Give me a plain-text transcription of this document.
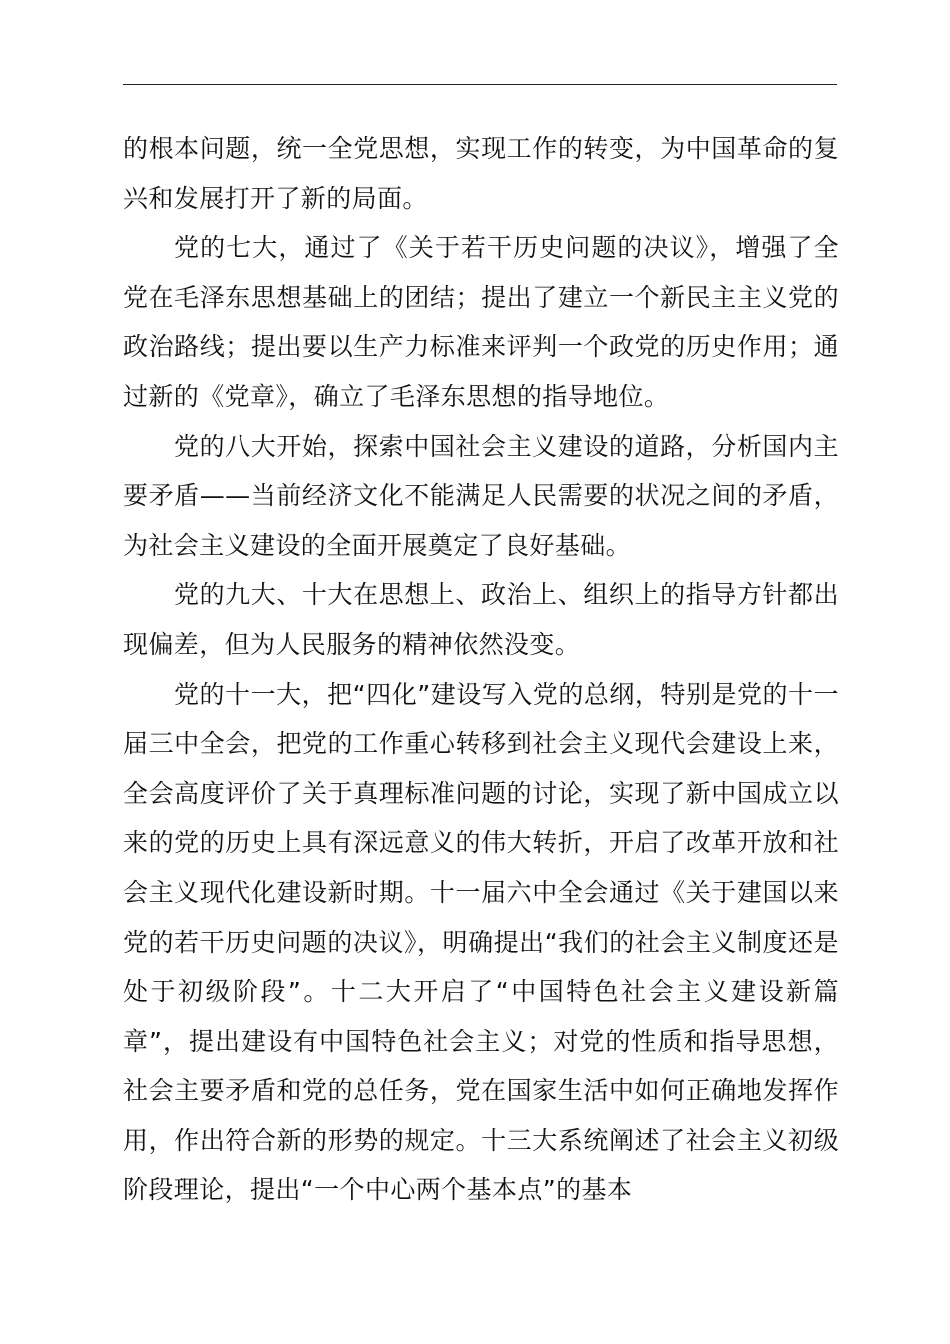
的根本问题，统一全党思想，实现工作的转变，为中国革命的复兴和发展打开了新的局面。

党的七大，通过了《关于若干历史问题的决议》，增强了全党在毛泽东思想基础上的团结；提出了建立一个新民主主义党的政治路线；提出要以生产力标准来评判一个政党的历史作用；通过新的《党章》，确立了毛泽东思想的指导地位。

党的八大开始，探索中国社会主义建设的道路，分析国内主要矛盾——当前经济文化不能满足人民需要的状况之间的矛盾，为社会主义建设的全面开展奠定了良好基础。

党的九大、十大在思想上、政治上、组织上的指导方针都出现偏差，但为人民服务的精神依然没变。

党的十一大，把“四化”建设写入党的总纲，特别是党的十一届三中全会，把党的工作重心转移到社会主义现代会建设上来，全会高度评价了关于真理标准问题的讨论，实现了新中国成立以来的党的历史上具有深远意义的伟大转折，开启了改革开放和社会主义现代化建设新时期。十一届六中全会通过《关于建国以来党的若干历史问题的决议》，明确提出“我们的社会主义制度还是处于初级阶段”。十二大开启了“中国特色社会主义建设新篇章”，提出建设有中国特色社会主义；对党的性质和指导思想，社会主要矛盾和党的总任务，党在国家生活中如何正确地发挥作用，作出符合新的形势的规定。十三大系统阐述了社会主义初级阶段理论，提出“一个中心两个基本点”的基本
